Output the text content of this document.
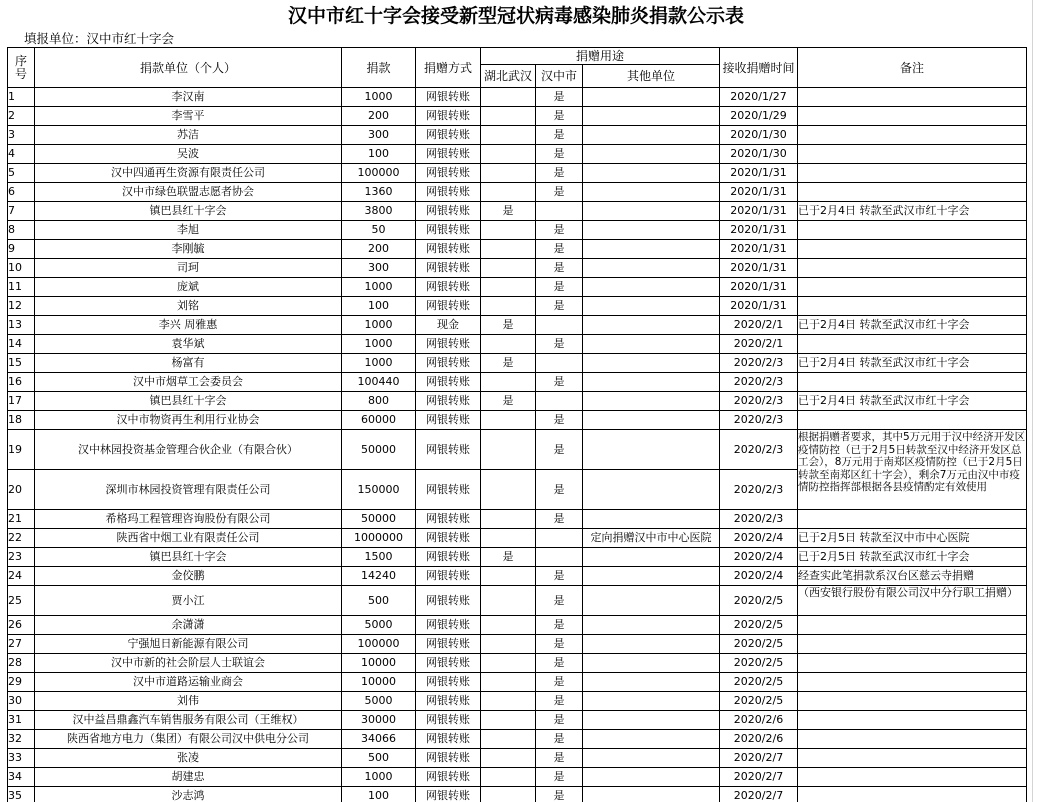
汉中市红十字会接受新型冠状病毒感染肺炎捐款公示表
填报单位：汉中市红十字会
序
号	捐款单位（个人）	捐款	捐赠方式	捐赠用途			接收捐赠时间	备注
				湖北武汉	汉中市	其他单位		
1	李汉南	1000	网银转账		是		2020/1/27	
2	李雪平	200	网银转账		是		2020/1/29	
3	苏洁	300	网银转账		是		2020/1/30	
4	吴波	100	网银转账		是		2020/1/30	
5	汉中四通再生资源有限责任公司	100000	网银转账		是		2020/1/31	
6	汉中市绿色联盟志愿者协会	1360	网银转账		是		2020/1/31	
7	镇巴县红十字会	3800	网银转账	是			2020/1/31	已于2月4日 转款至武汉市红十字会
8	李旭	50	网银转账		是		2020/1/31	
9	李刚毓	200	网银转账		是		2020/1/31	
10	司珂	300	网银转账		是		2020/1/31	
11	庞斌	1000	网银转账		是		2020/1/31	
12	刘铭	100	网银转账		是		2020/1/31	
13	李兴 周雅惠	1000	现金	是			2020/2/1	已于2月4日 转款至武汉市红十字会
14	袁华斌	1000	网银转账		是		2020/2/1	
15	杨富有	1000	网银转账	是			2020/2/3	已于2月4日 转款至武汉市红十字会
16	汉中市烟草工会委员会	100440	网银转账		是		2020/2/3	
17	镇巴县红十字会	800	网银转账	是			2020/2/3	已于2月4日 转款至武汉市红十字会
18	汉中市物资再生利用行业协会	60000	网银转账		是		2020/2/3	
19	汉中林园投资基金管理合伙企业（有限合伙）	50000	网银转账		是		2020/2/3	根据捐赠者要求，其中5万元用于汉中经济开发区疫情防控（已于2月5日转款至汉中经济开发区总工会），8万元用于南郑区疫情防控（已于2月5日转款至南郑区红十字会），剩余7万元由汉中市疫情防控指挥部根据各县疫情酌定有效使用
20	深圳市林园投资管理有限责任公司	150000	网银转账		是		2020/2/3	
21	希格玛工程管理咨询股份有限公司	50000	网银转账		是		2020/2/3	
22	陕西省中烟工业有限责任公司	1000000	网银转账			定向捐赠汉中市中心医院	2020/2/4	已于2月5日 转款至汉中市中心医院
23	镇巴县红十字会	1500	网银转账	是			2020/2/4	已于2月5日 转款至武汉市红十字会
24	金佼鹏	14240	网银转账		是		2020/2/4	经查实此笔捐款系汉台区慈云寺捐赠
25	贾小江	500	网银转账		是		2020/2/5	（西安银行股份有限公司汉中分行职工捐赠）
26	余潇潇	5000	网银转账		是		2020/2/5	
27	宁强旭日新能源有限公司	100000	网银转账		是		2020/2/5	
28	汉中市新的社会阶层人士联谊会	10000	网银转账		是		2020/2/5	
29	汉中市道路运输业商会	10000	网银转账		是		2020/2/5	
30	刘伟	5000	网银转账		是		2020/2/5	
31	汉中益昌鼎鑫汽车销售服务有限公司（王维权）	30000	网银转账		是		2020/2/6	
32	陕西省地方电力（集团）有限公司汉中供电分公司	34066	网银转账		是		2020/2/6	
33	张凌	500	网银转账		是		2020/2/7	
34	胡建忠	1000	网银转账		是		2020/2/7	
35	沙志鸿	100	网银转账		是		2020/2/7	
